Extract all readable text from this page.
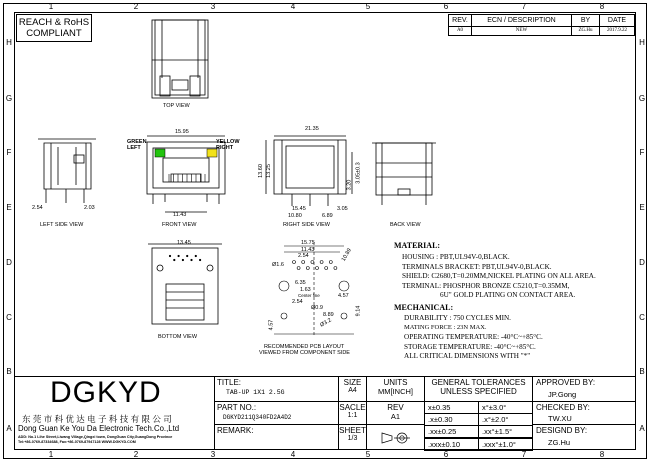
1	2	3	4	5	6	7	8
1	2	3	4	5	6	7	8
H
G
F
E
D
C
B
A
H
G
F
E
D
C
B
A
REACH & RoHS
COMPLIANT
REV.	ECN / DESCRIPTION	BY	DATE
A0	NEW	ZG.Hu	2017.9.22
TOP VIEW
2.54	2.03
LEFT SIDE VIEW
15.95
11.43
GREEN
LEFT
YELLOW
RIGHT
FRONT VIEW
21.35
13.60 13.25
3.20
3.05±0.3
3.05
10.80	6.89
15.45
RIGHT SIDE VIEW	BACK VIEW
13.45
BOTTOM VIEW
15.75
11.43
2.54	10.89
6.35
1.63
Ø1.6
2.54
4.57
9.14
Ø0.9
Ø3.2
8.89
4.57
Center line
RECOMMENDED PCB LAYOUT
VIEWED FROM COMPONENT SIDE
MATERIAL:
HOUSING : PBT,UL94V-0,BLACK.
TERMINALS BRACKET: PBT,UL94V-0,BLACK.
SHIELD: C2680,T=0.20MM,NICKEL PLATING ON ALL AREA.
TERMINAL: PHOSPHOR BRONZE C5210,T=0.35MM,
6U" GOLD PLATING ON CONTACT AREA.
MECHANICAL:
DURABILITY : 750 CYCLES MIN.
MATING FORCE : 23N MAX.
OPERATING TEMPERATURE: -40°C~+85°C.
STORAGE TEMPERATURE: -40°C~+85°C.
ALL CRITICAL DIMENSIONS WITH "*"
DGKYD
东 莞 市 科 优 达 电 子 科 技 有 限 公 司
Dong Guan Ke You Da Electronic Tech.Co.,Ltd
ADD: No.1 Lihe Street,Liwang Village,Qingxi town, DongGuan City,GuangDong Province
Tel:+86-0769-87334688, Fax:+86-0769-87947128 WWW.DGKYD.COM
TITLE:
TAB-UP 1X1 2.5G
PART NO.:
DGKYD211Q340FD2A4D2
REMARK:
SIZE
A4
SACLE
1:1
SHEET
1/3
UNITS
MM[INCH]
REV
A1
GENERAL TOLERANCES
UNLESS SPECIFIED
x±0.35	x°±3.0°
.x±0.30	.x°±2.0°
.xx±0.25	.xx°±1.5°
.xxx±0.10	.xxx°±1.0°
APPROVED BY:
JP.Gong
CHECKED BY:
TW.XU
DESIGND BY:
ZG.Hu
